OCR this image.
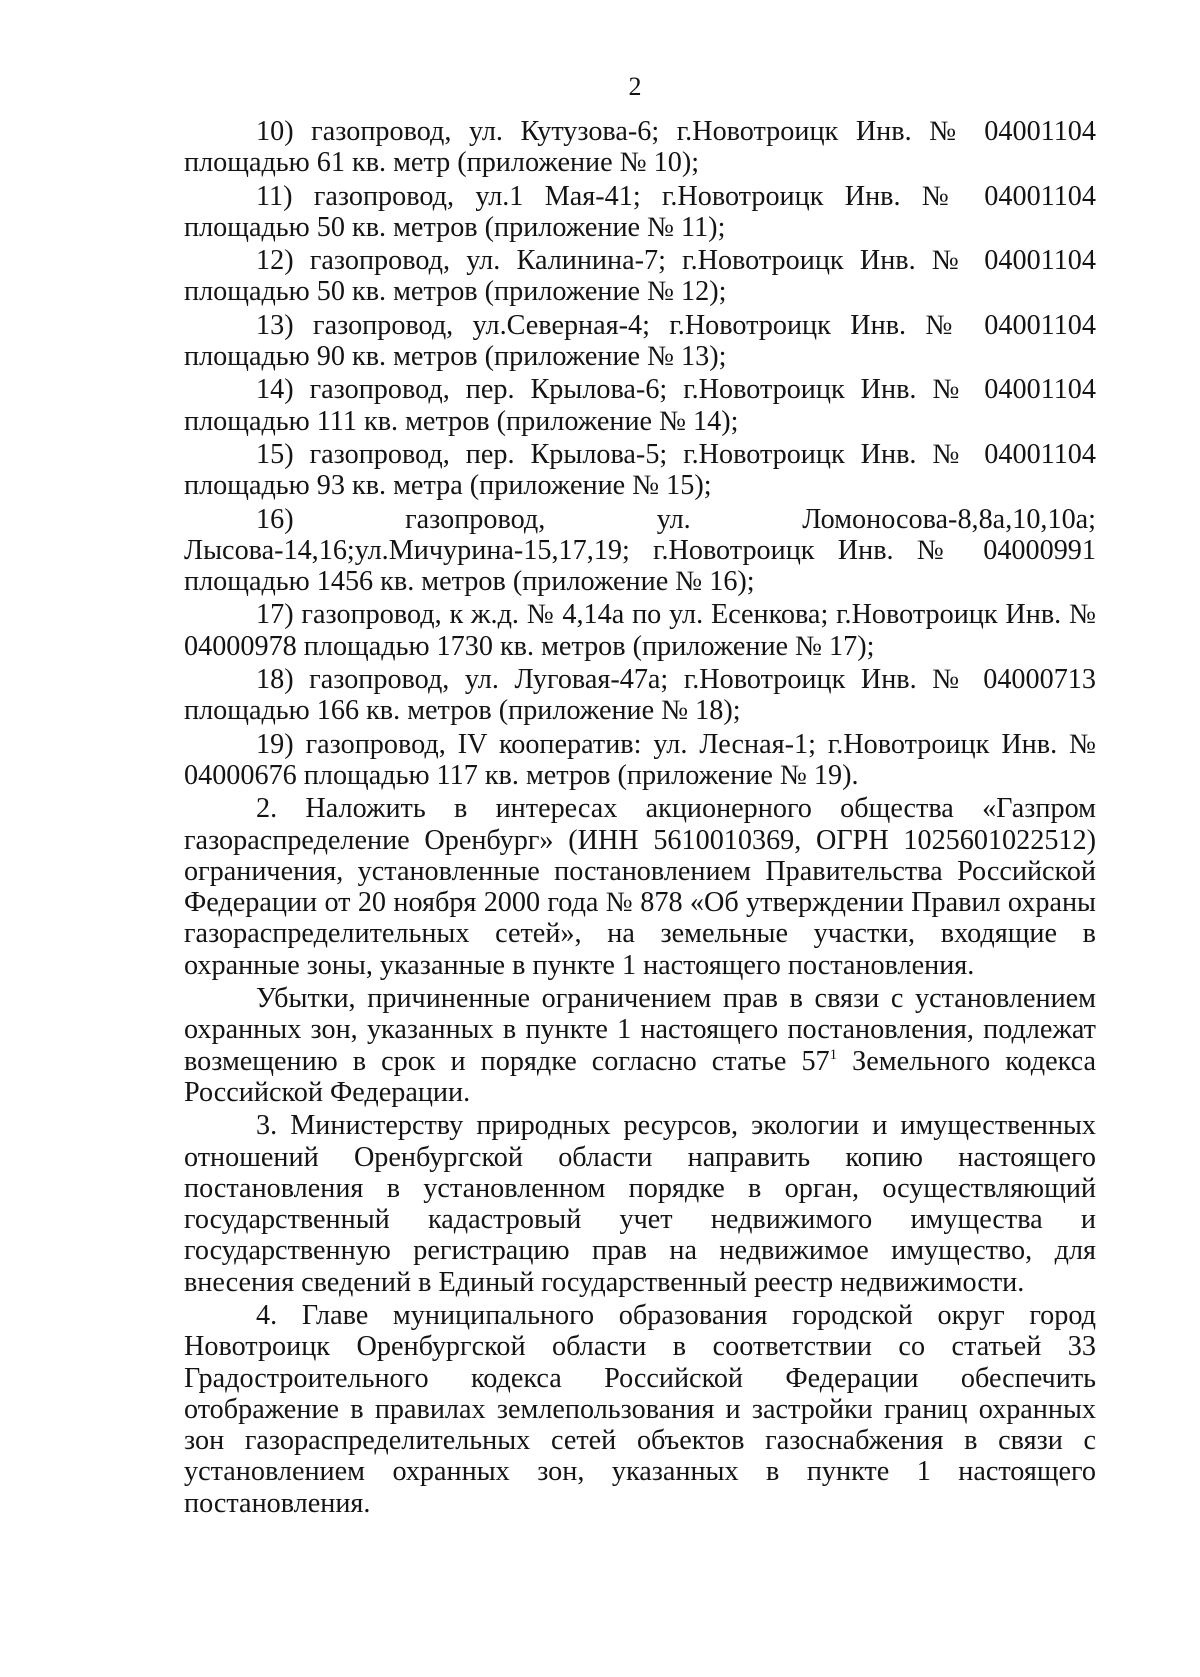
2

10) газопровод, ул. Кутузова-6; г.Новотроицк Инв. № 04001104 площадью 61 кв. метр (приложение № 10);

11) газопровод, ул.1 Мая-41; г.Новотроицк Инв. № 04001104 площадью 50 кв. метров (приложение № 11);

12) газопровод, ул. Калинина-7; г.Новотроицк Инв. № 04001104 площадью 50 кв. метров (приложение № 12);

13) газопровод, ул.Северная-4; г.Новотроицк Инв. № 04001104 площадью 90 кв. метров (приложение № 13);

14) газопровод, пер. Крылова-6; г.Новотроицк Инв. № 04001104 площадью 111 кв. метров (приложение № 14);

15) газопровод, пер. Крылова-5; г.Новотроицк Инв. № 04001104 площадью 93 кв. метра (приложение № 15);

16) газопровод, ул. Ломоносова-8,8а,10,10а; Лысова-14,16;ул.Мичурина-15,17,19; г.Новотроицк Инв. № 04000991 площадью 1456 кв. метров (приложение № 16);

17) газопровод, к ж.д. № 4,14а по ул. Есенкова; г.Новотроицк Инв. № 04000978 площадью 1730 кв. метров (приложение № 17);

18) газопровод, ул. Луговая-47а; г.Новотроицк Инв. № 04000713 площадью 166 кв. метров (приложение № 18);

19) газопровод, IV кооператив: ул. Лесная-1; г.Новотроицк Инв. № 04000676 площадью 117 кв. метров (приложение № 19).

2. Наложить в интересах акционерного общества «Газпром газораспределение Оренбург» (ИНН 5610010369, ОГРН 1025601022512) ограничения, установленные постановлением Правительства Российской Федерации от 20 ноября 2000 года № 878 «Об утверждении Правил охраны газораспределительных сетей», на земельные участки, входящие в охранные зоны, указанные в пункте 1 настоящего постановления.

Убытки, причиненные ограничением прав в связи с установлением охранных зон, указанных в пункте 1 настоящего постановления, подлежат возмещению в срок и порядке согласно статье $57^1$ Земельного кодекса Российской Федерации.

3. Министерству природных ресурсов, экологии и имущественных отношений Оренбургской области направить копию настоящего постановления в установленном порядке в орган, осуществляющий государственный кадастровый учет недвижимого имущества и государственную регистрацию прав на недвижимое имущество, для внесения сведений в Единый государственный реестр недвижимости.

4. Главе муниципального образования городской округ город Новотроицк Оренбургской области в соответствии со статьей 33 Градостроительного кодекса Российской Федерации обеспечить отображение в правилах землепользования и застройки границ охранных зон газораспределительных сетей объектов газоснабжения в связи с установлением охранных зон, указанных в пункте 1 настоящего постановления.
